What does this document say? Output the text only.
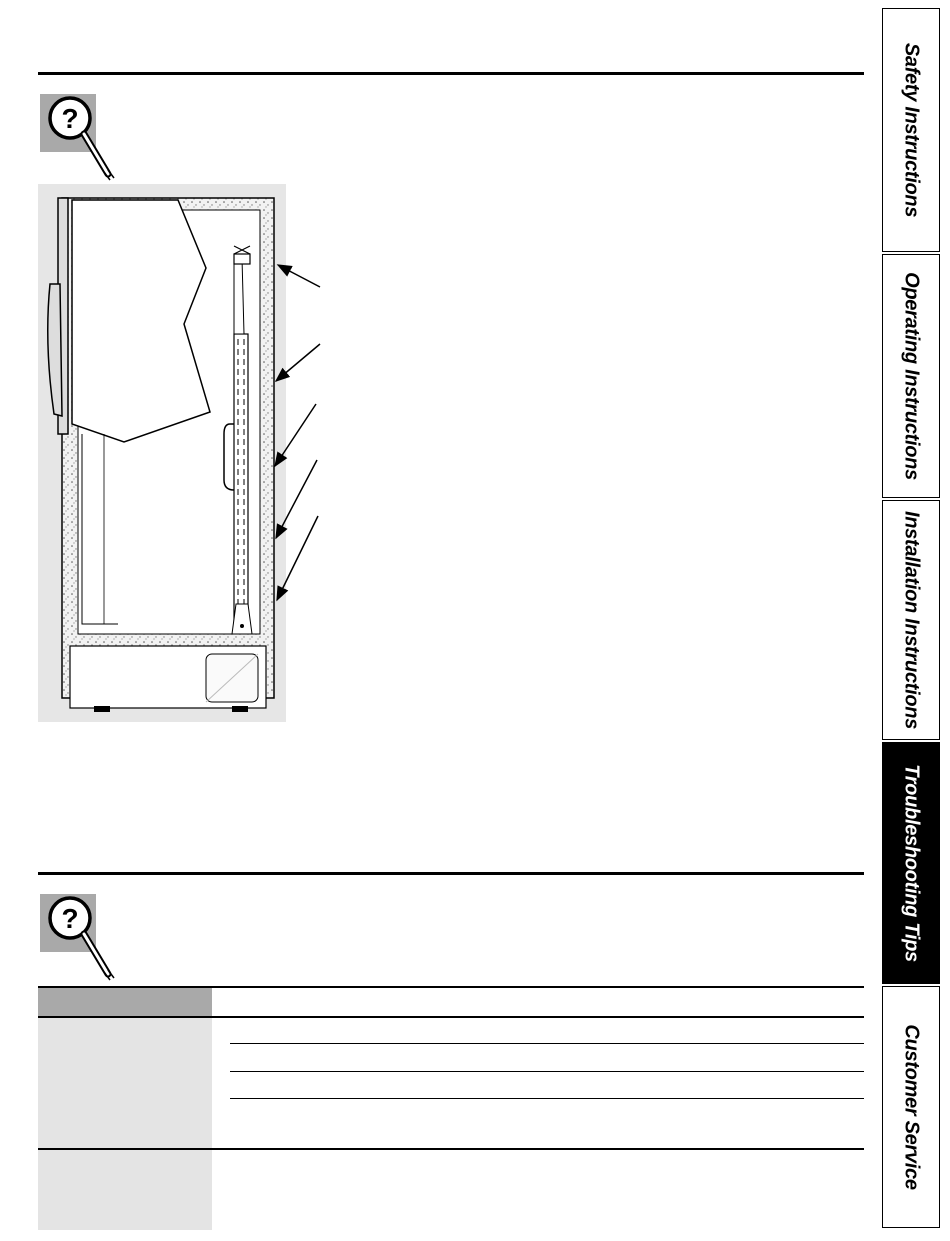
?
?
Safety Instructions
Operating Instructions
Installation Instructions
Troubleshooting Tips
Customer Service
